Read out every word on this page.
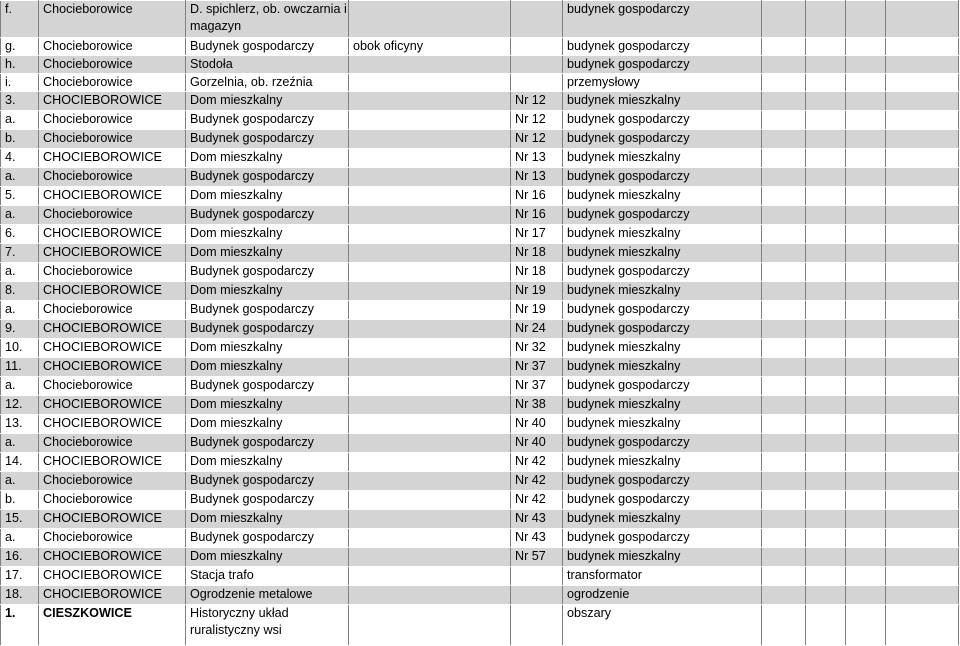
f.	Chocieborowice	D. spichlerz, ob. owczarnia i magazyn			budynek gospodarczy				
g.	Chocieborowice	Budynek gospodarczy	obok oficyny		budynek gospodarczy				
h.	Chocieborowice	Stodoła			budynek gospodarczy				
i.	Chocieborowice	Gorzelnia, ob. rzeźnia			przemysłowy				
3.	CHOCIEBOROWICE	Dom mieszkalny		Nr 12	budynek mieszkalny				
a.	Chocieborowice	Budynek gospodarczy		Nr 12	budynek gospodarczy				
b.	Chocieborowice	Budynek gospodarczy		Nr 12	budynek gospodarczy				
4.	CHOCIEBOROWICE	Dom mieszkalny		Nr 13	budynek mieszkalny				
a.	Chocieborowice	Budynek gospodarczy		Nr 13	budynek gospodarczy				
5.	CHOCIEBOROWICE	Dom mieszkalny		Nr 16	budynek mieszkalny				
a.	Chocieborowice	Budynek gospodarczy		Nr 16	budynek gospodarczy				
6.	CHOCIEBOROWICE	Dom mieszkalny		Nr 17	budynek mieszkalny				
7.	CHOCIEBOROWICE	Dom mieszkalny		Nr 18	budynek mieszkalny				
a.	Chocieborowice	Budynek gospodarczy		Nr 18	budynek gospodarczy				
8.	CHOCIEBOROWICE	Dom mieszkalny		Nr 19	budynek mieszkalny				
a.	Chocieborowice	Budynek gospodarczy		Nr 19	budynek gospodarczy				
9.	CHOCIEBOROWICE	Budynek gospodarczy		Nr 24	budynek gospodarczy				
10.	CHOCIEBOROWICE	Dom mieszkalny		Nr 32	budynek mieszkalny				
11.	CHOCIEBOROWICE	Dom mieszkalny		Nr 37	budynek mieszkalny				
a.	Chocieborowice	Budynek gospodarczy		Nr 37	budynek gospodarczy				
12.	CHOCIEBOROWICE	Dom mieszkalny		Nr 38	budynek mieszkalny				
13.	CHOCIEBOROWICE	Dom mieszkalny		Nr 40	budynek mieszkalny				
a.	Chocieborowice	Budynek gospodarczy		Nr 40	budynek gospodarczy				
14.	CHOCIEBOROWICE	Dom mieszkalny		Nr 42	budynek mieszkalny				
a.	Chocieborowice	Budynek gospodarczy		Nr 42	budynek gospodarczy				
b.	Chocieborowice	Budynek gospodarczy		Nr 42	budynek gospodarczy				
15.	CHOCIEBOROWICE	Dom mieszkalny		Nr 43	budynek mieszkalny				
a.	Chocieborowice	Budynek gospodarczy		Nr 43	budynek gospodarczy				
16.	CHOCIEBOROWICE	Dom mieszkalny		Nr 57	budynek mieszkalny				
17.	CHOCIEBOROWICE	Stacja trafo			transformator				
18.	CHOCIEBOROWICE	Ogrodzenie metalowe			ogrodzenie				
1.	CIESZKOWICE	Historyczny układ ruralistyczny wsi			obszary				
